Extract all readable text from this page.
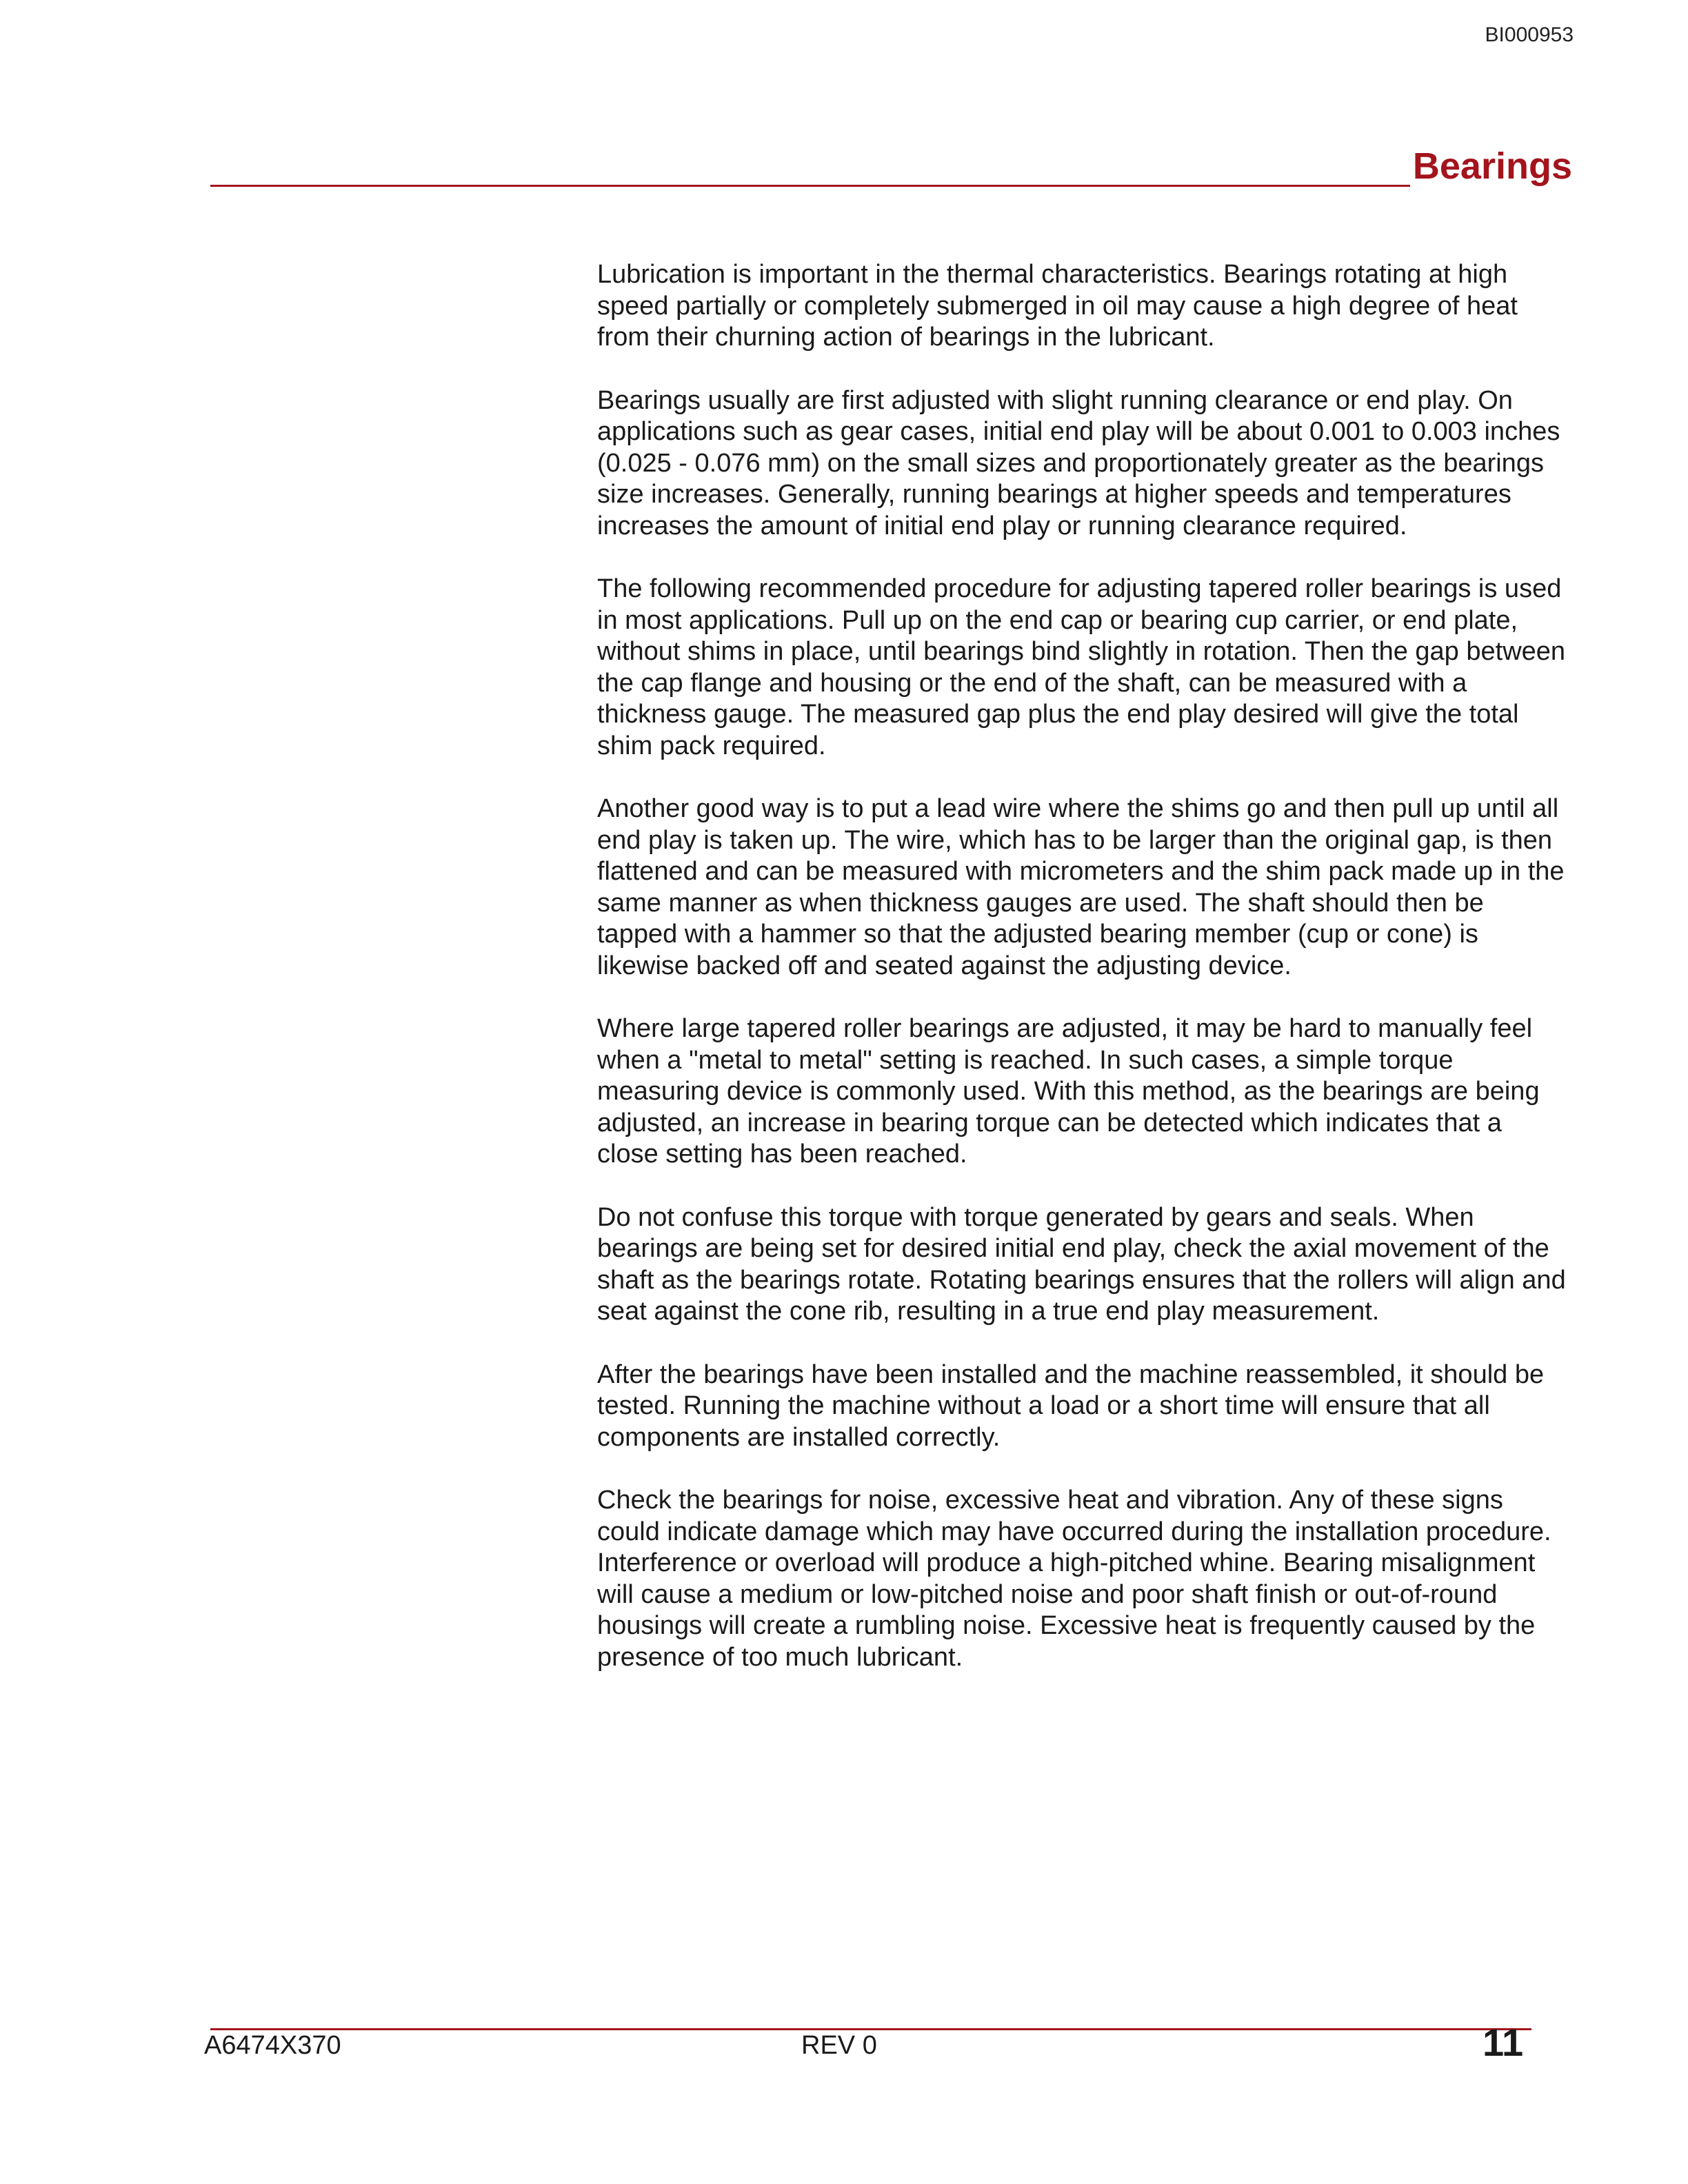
BI000953
Bearings

Lubrication is important in the thermal characteristics. Bearings rotating at high speed partially or completely submerged in oil may cause a high degree of heat from their churning action of bearings in the lubricant.

Bearings usually are first adjusted with slight running clearance or end play. On applications such as gear cases, initial end play will be about 0.001 to 0.003 inches (0.025 - 0.076 mm) on the small sizes and proportionately greater as the bearings size increases. Generally, running bearings at higher speeds and temperatures increases the amount of initial end play or running clearance required.

The following recommended procedure for adjusting tapered roller bearings is used in most applications. Pull up on the end cap or bearing cup carrier, or end plate, without shims in place, until bearings bind slightly in rotation. Then the gap between the cap flange and housing or the end of the shaft, can be measured with a thickness gauge. The measured gap plus the end play desired will give the total shim pack required.

Another good way is to put a lead wire where the shims go and then pull up until all end play is taken up. The wire, which has to be larger than the original gap, is then flattened and can be measured with micrometers and the shim pack made up in the same manner as when thickness gauges are used. The shaft should then be tapped with a hammer so that the adjusted bearing member (cup or cone) is likewise backed off and seated against the adjusting device.

Where large tapered roller bearings are adjusted, it may be hard to manually feel when a "metal to metal" setting is reached. In such cases, a simple torque measuring device is commonly used. With this method, as the bearings are being adjusted, an increase in bearing torque can be detected which indicates that a close setting has been reached.

Do not confuse this torque with torque generated by gears and seals. When bearings are being set for desired initial end play, check the axial movement of the shaft as the bearings rotate. Rotating bearings ensures that the rollers will align and seat against the cone rib, resulting in a true end play measurement.

After the bearings have been installed and the machine reassembled, it should be tested. Running the machine without a load or a short time will ensure that all components are installed correctly.

Check the bearings for noise, excessive heat and vibration. Any of these signs could indicate damage which may have occurred during the installation procedure. Interference or overload will produce a high-pitched whine. Bearing misalignment will cause a medium or low-pitched noise and poor shaft finish or out-of-round housings will create a rumbling noise. Excessive heat is frequently caused by the presence of too much lubricant.

A6474X370	REV 0	11
